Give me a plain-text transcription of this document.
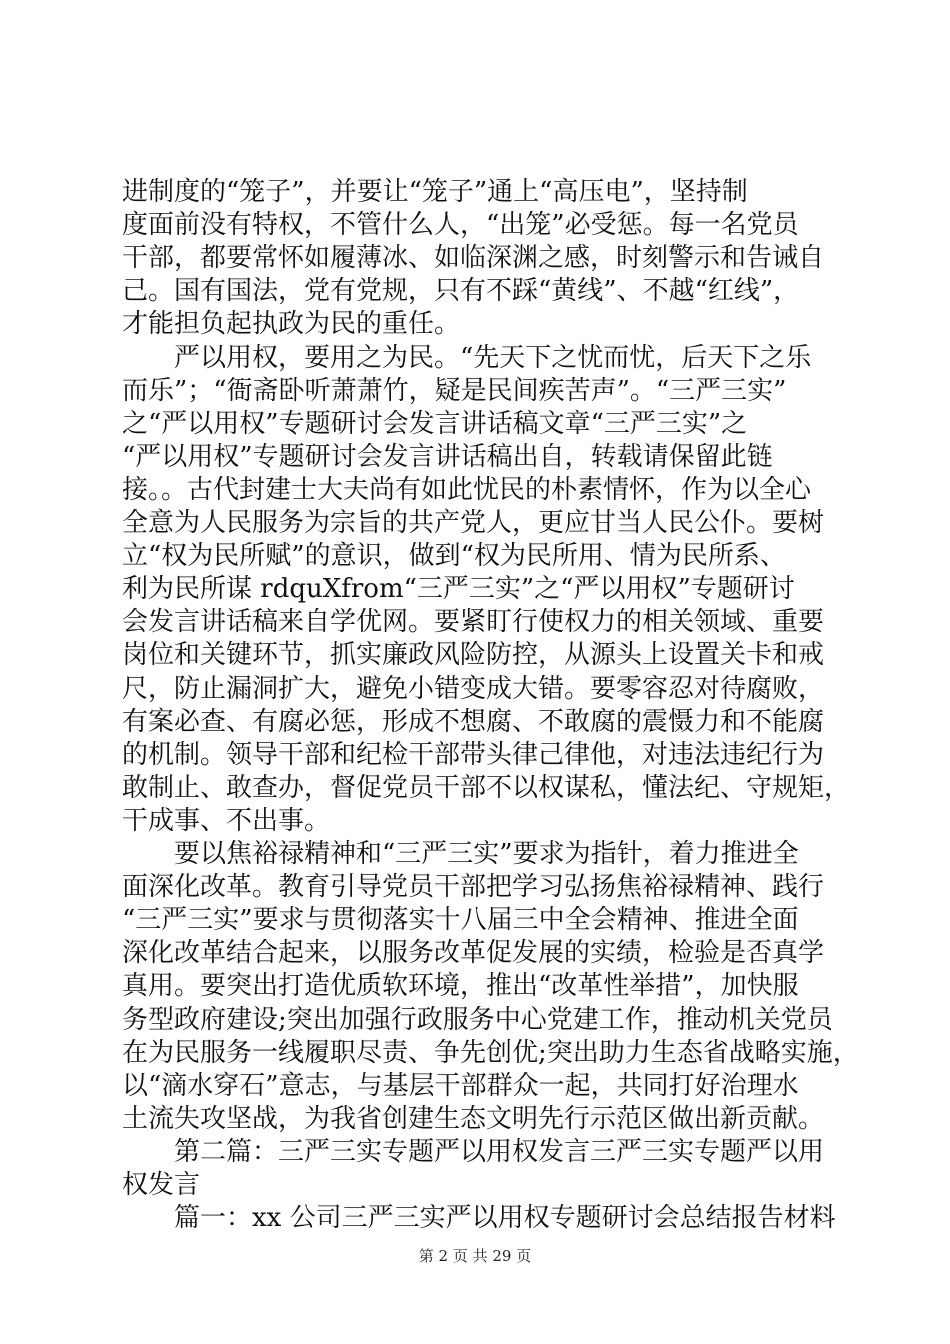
进制度的“笼子”，并要让“笼子”通上“高压电”，坚持制
度面前没有特权，不管什么人，“出笼”必受惩。每一名党员
干部，都要常怀如履薄冰、如临深渊之感，时刻警示和告诫自
己。国有国法，党有党规，只有不踩“黄线”、不越“红线”，
才能担负起执政为民的重任。
　　严以用权，要用之为民。“先天下之忧而忧，后天下之乐
而乐”；“衙斋卧听萧萧竹，疑是民间疾苦声”。“三严三实”
之“严以用权”专题研讨会发言讲话稿文章“三严三实”之
“严以用权”专题研讨会发言讲话稿出自，转载请保留此链
接。。古代封建士大夫尚有如此忧民的朴素情怀，作为以全心
全意为人民服务为宗旨的共产党人，更应甘当人民公仆。要树
立“权为民所赋”的意识，做到“权为民所用、情为民所系、
利为民所谋 rdquXfrom“三严三实”之“严以用权”专题研讨
会发言讲话稿来自学优网。要紧盯行使权力的相关领域、重要
岗位和关键环节，抓实廉政风险防控，从源头上设置关卡和戒
尺，防止漏洞扩大，避免小错变成大错。要零容忍对待腐败，
有案必查、有腐必惩，形成不想腐、不敢腐的震慑力和不能腐
的机制。领导干部和纪检干部带头律己律他，对违法违纪行为
敢制止、敢查办，督促党员干部不以权谋私，懂法纪、守规矩，
干成事、不出事。
　　要以焦裕禄精神和“三严三实”要求为指针，着力推进全
面深化改革。教育引导党员干部把学习弘扬焦裕禄精神、践行
“三严三实”要求与贯彻落实十八届三中全会精神、推进全面
深化改革结合起来，以服务改革促发展的实绩，检验是否真学
真用。要突出打造优质软环境，推出“改革性举措”，加快服
务型政府建设;突出加强行政服务中心党建工作，推动机关党员
在为民服务一线履职尽责、争先创优;突出助力生态省战略实施，
以“滴水穿石”意志，与基层干部群众一起，共同打好治理水
土流失攻坚战，为我省创建生态文明先行示范区做出新贡献。
　　第二篇：三严三实专题严以用权发言三严三实专题严以用
权发言
　　篇一：xx 公司三严三实严以用权专题研讨会总结报告材料
第 2 页 共 29 页
